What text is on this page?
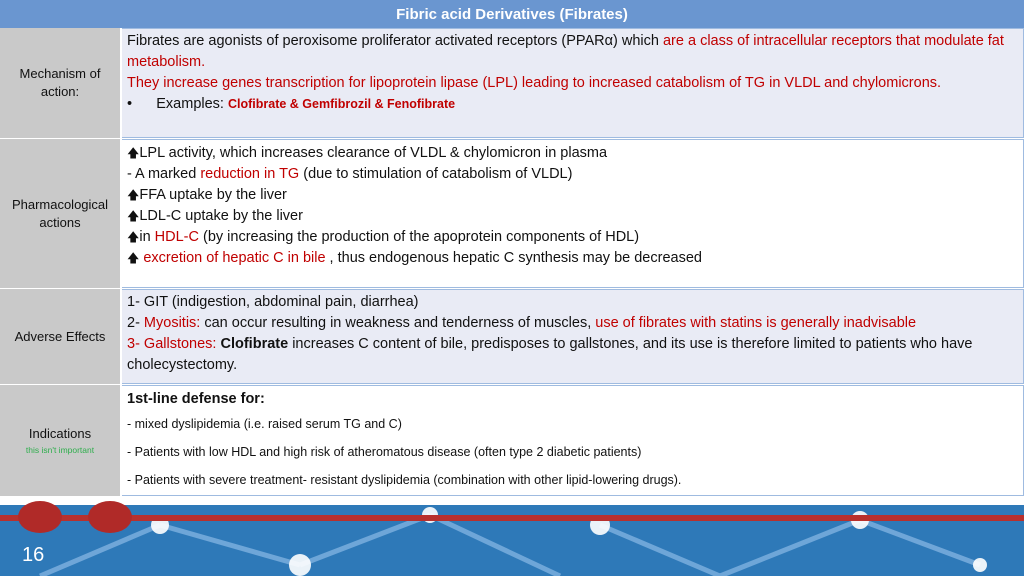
Fibric acid Derivatives (Fibrates)
Mechanism of
action:
Fibrates are agonists of peroxisome proliferator activated receptors (PPARα) which are a class of intracellular receptors that modulate fat metabolism.
They increase genes transcription for lipoprotein lipase (LPL) leading to increased catabolism of TG in VLDL and chylomicrons.
• Examples: Clofibrate & Gemfibrozil & Fenofibrate
Pharmacological
actions
🡅LPL activity, which increases clearance of VLDL & chylomicron in plasma
- A marked reduction in TG (due to stimulation of catabolism of VLDL)
🡅FFA uptake by the liver
🡅LDL-C uptake by the liver
🡅in HDL-C (by increasing the production of the apoprotein components of HDL)
🡅 excretion of hepatic C in bile , thus endogenous hepatic C synthesis may be decreased
Adverse Effects
1- GIT (indigestion, abdominal pain, diarrhea)
2- Myositis: can occur resulting in weakness and tenderness of muscles, use of fibrates with statins is generally inadvisable
3- Gallstones: Clofibrate increases C content of bile, predisposes to gallstones, and its use is therefore limited to patients who have cholecystectomy.
Indications
this isn't important
1st-line defense for:
- mixed dyslipidemia (i.e. raised serum TG and C)
- Patients with low HDL and high risk of atheromatous disease (often type 2 diabetic patients)
- Patients with severe treatment- resistant dyslipidemia (combination with other lipid-lowering drugs).
16
